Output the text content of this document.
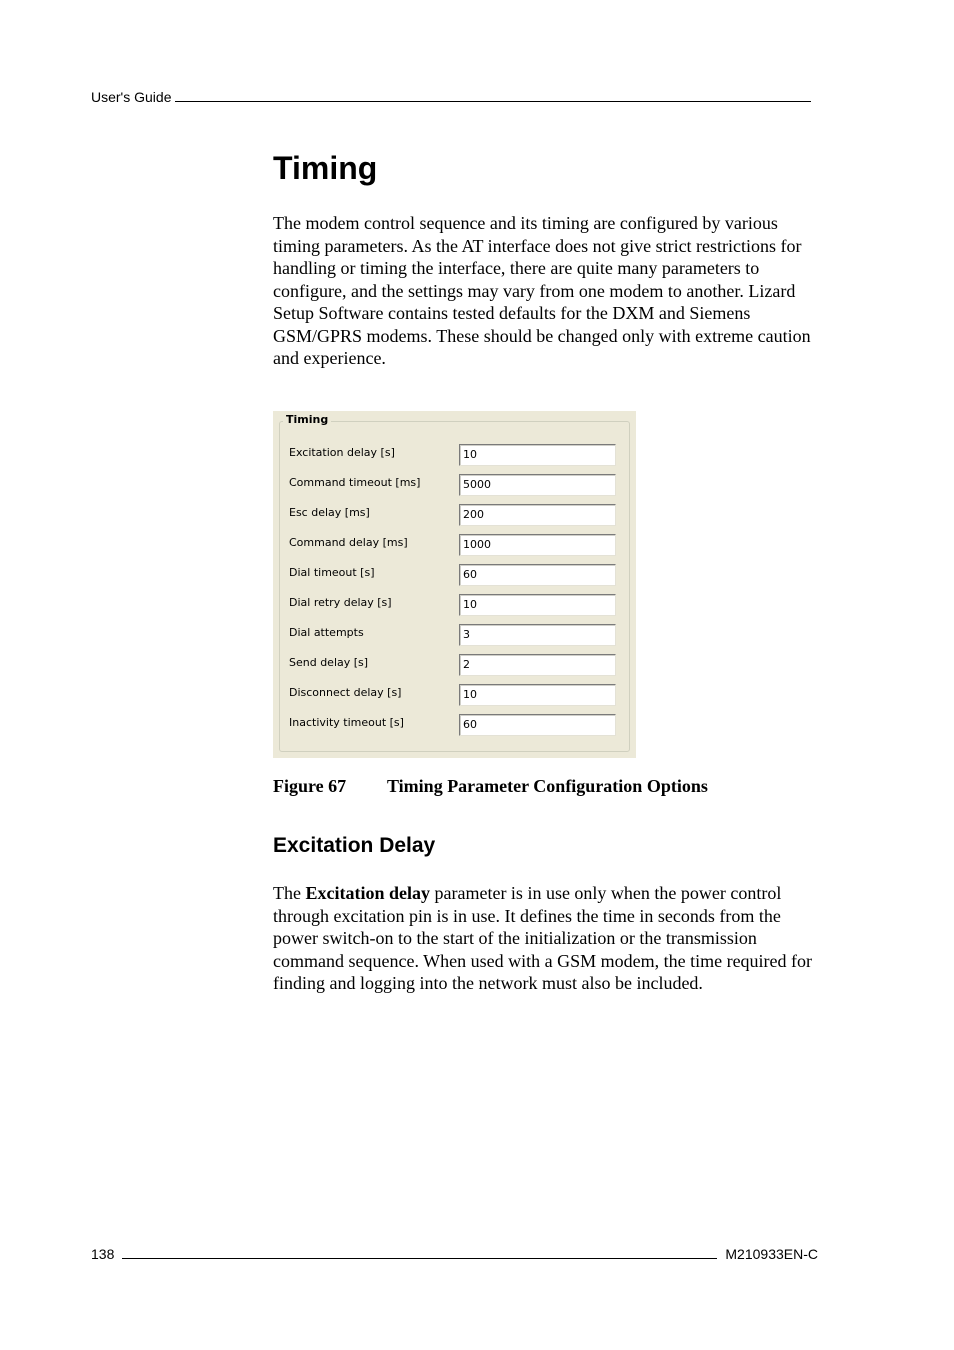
User's Guide
Timing

The modem control sequence and its timing are configured by various timing parameters. As the AT interface does not give strict restrictions for handling or timing the interface, there are quite many parameters to configure, and the settings may vary from one modem to another. Lizard Setup Software contains tested defaults for the DXM and Siemens GSM/GPRS modems. These should be changed only with extreme caution and experience.

Timing
Excitation delay [s]	10
Command timeout [ms]	5000
Esc delay [ms]	200
Command delay [ms]	1000
Dial timeout [s]	60
Dial retry delay [s]	10
Dial attempts	3
Send delay [s]	2
Disconnect delay [s]	10
Inactivity timeout [s]	60
Figure 67 Timing Parameter Configuration Options
Excitation Delay

The Excitation delay parameter is in use only when the power control through excitation pin is in use. It defines the time in seconds from the power switch-on to the start of the initialization or the transmission command sequence. When used with a GSM modem, the time required for finding and logging into the network must also be included.

138	M210933EN-C
